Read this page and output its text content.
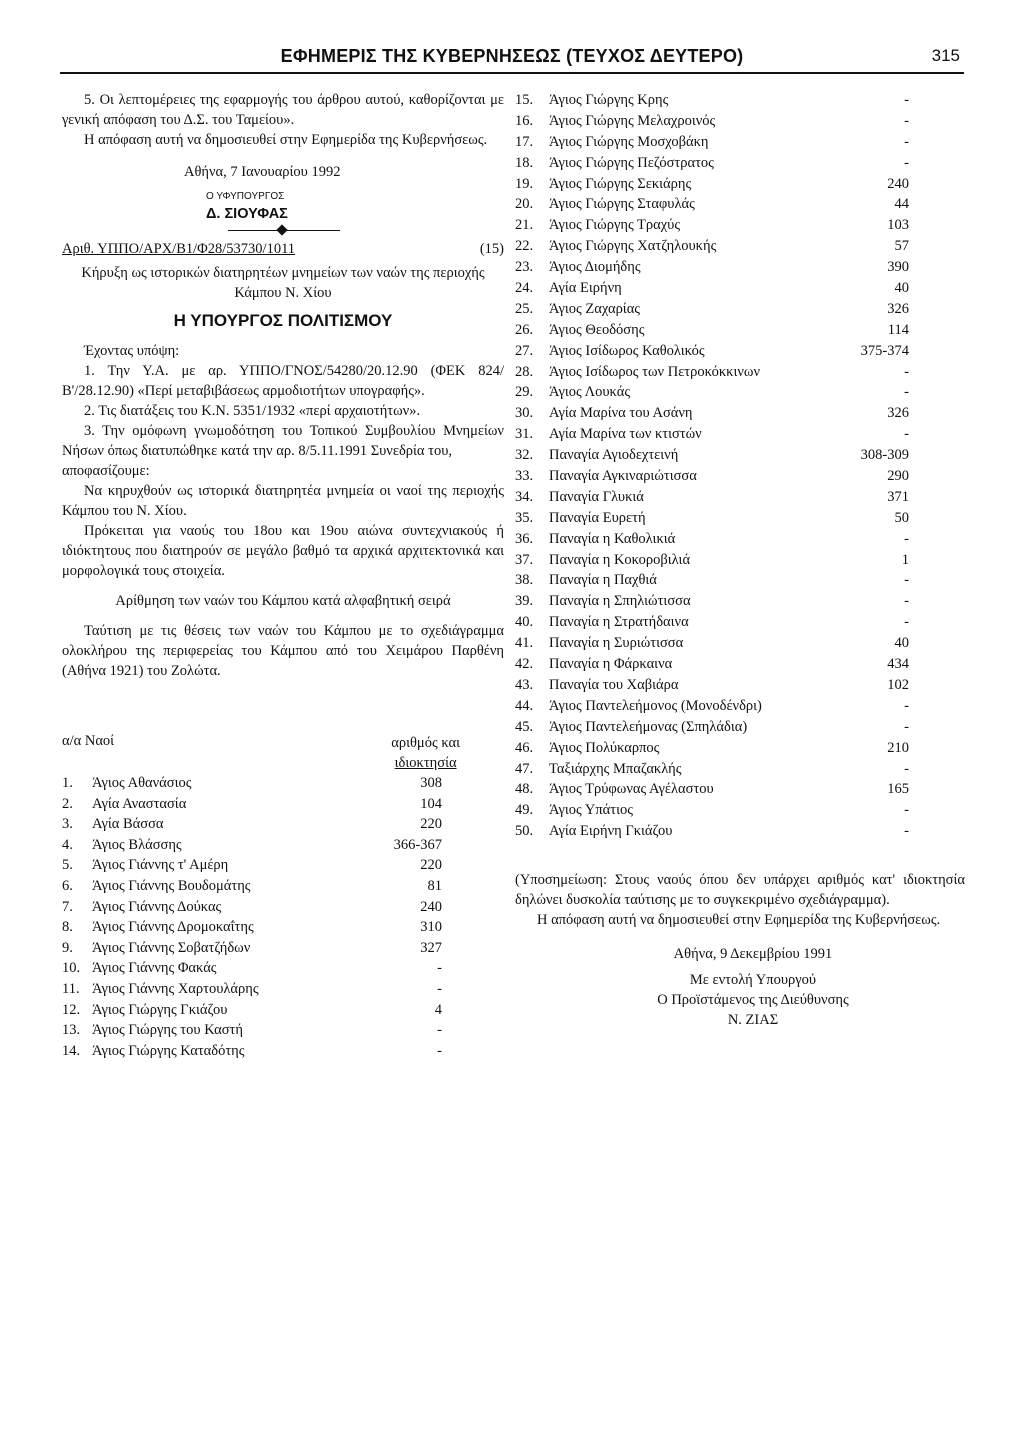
ΕΦΗΜΕΡΙΣ ΤΗΣ ΚΥΒΕΡΝΗΣΕΩΣ (ΤΕΥΧΟΣ ΔΕΥΤΕΡΟ)	315

5. Οι λεπτομέρειες της εφαρμογής του άρθρου αυτού, καθορίζονται με γενική απόφαση του Δ.Σ. του Ταμείου».

Η απόφαση αυτή να δημοσιευθεί στην Εφημερίδα της Κυβερνήσεως.

Αθήνα, 7 Ιανουαρίου 1992

Ο ΥΦΥΠΟΥΡΓΟΣ

Δ. ΣΙΟΥΦΑΣ

Αριθ. ΥΠΠΟ/ΑΡΧ/Β1/Φ28/53730/1011	(15)

Κήρυξη ως ιστορικών διατηρητέων μνημείων των ναών της περιοχής Κάμπου Ν. Χίου

Η ΥΠΟΥΡΓΟΣ ΠΟΛΙΤΙΣΜΟΥ

Έχοντας υπόψη:

1. Την Υ.Α. με αρ. ΥΠΠΟ/ΓΝΟΣ/54280/20.12.90 (ΦΕΚ 824/Β'/28.12.90) «Περί μεταβιβάσεως αρμοδιοτήτων υπογραφής».

2. Τις διατάξεις του Κ.Ν. 5351/1932 «περί αρχαιοτήτων».

3. Την ομόφωνη γνωμοδότηση του Τοπικού Συμβουλίου Μνημείων Νήσων όπως διατυπώθηκε κατά την αρ. 8/5.11.1991 Συνεδρία του,

αποφασίζουμε:

Να κηρυχθούν ως ιστορικά διατηρητέα μνημεία οι ναοί της περιοχής Κάμπου του Ν. Χίου.

Πρόκειται για ναούς του 18ου και 19ου αιώνα συντεχνιακούς ή ιδιόκτητους που διατηρούν σε μεγάλο βαθμό τα αρχικά αρχιτεκτονικά και μορφολογικά τους στοιχεία.

Αρίθμηση των ναών του Κάμπου κατά αλφαβητική σειρά

Ταύτιση με τις θέσεις των ναών του Κάμπου με το σχεδιάγραμμα ολοκλήρου της περιφερείας του Κάμπου από του Χειμάρου Παρθένη (Αθήνα 1921) του Ζολώτα.

α/α Ναοί	αριθμός και
ιδιοκτησία
1. Άγιος Αθανάσιος	308
2. Αγία Αναστασία	104
3. Αγία Βάσσα	220
4. Άγιος Βλάσσης	366-367
5. Άγιος Γιάννης τ' Αμέρη	220
6. Άγιος Γιάννης Βουδομάτης	81
7. Άγιος Γιάννης Δούκας	240
8. Άγιος Γιάννης Δρομοκαΐτης	310
9. Άγιος Γιάννης Σοβατζήδων	327
10. Άγιος Γιάννης Φακάς	-
11. Άγιος Γιάννης Χαρτουλάρης	-
12. Άγιος Γιώργης Γκιάζου	4
13. Άγιος Γιώργης του Καστή	-
14. Άγιος Γιώργης Καταδότης	-
15. Άγιος Γιώργης Κρης	-
16. Άγιος Γιώργης Μελαχροινός	-
17. Άγιος Γιώργης Μοσχοβάκη	-
18. Άγιος Γιώργης Πεζόστρατος	-
19. Άγιος Γιώργης Σεκιάρης	240
20. Άγιος Γιώργης Σταφυλάς	44
21. Άγιος Γιώργης Τραχύς	103
22. Άγιος Γιώργης Χατζηλουκής	57
23. Άγιος Διομήδης	390
24. Αγία Ειρήνη	40
25. Άγιος Ζαχαρίας	326
26. Άγιος Θεοδόσης	114
27. Άγιος Ισίδωρος Καθολικός	375-374
28. Άγιος Ισίδωρος των Πετροκόκκινων	-
29. Άγιος Λουκάς	-
30. Αγία Μαρίνα του Ασάνη	326
31. Αγία Μαρίνα των κτιστών	-
32. Παναγία Αγιοδεχτεινή	308-309
33. Παναγία Αγκιναριώτισσα	290
34. Παναγία Γλυκιά	371
35. Παναγία Ευρετή	50
36. Παναγία η Καθολικιά	-
37. Παναγία η Κοκοροβιλιά	1
38. Παναγία η Παχθιά	-
39. Παναγία η Σπηλιώτισσα	-
40. Παναγία η Στρατήδαινα	-
41. Παναγία η Συριώτισσα	40
42. Παναγία η Φάρκαινα	434
43. Παναγία του Χαβιάρα	102
44. Άγιος Παντελεήμονος (Μονοδένδρι)	-
45. Άγιος Παντελεήμονας (Σπηλάδια)	-
46. Άγιος Πολύκαρπος	210
47. Ταξιάρχης Μπαζακλής	-
48. Άγιος Τρύφωνας Αγέλαστου	165
49. Άγιος Υπάτιος	-
50. Αγία Ειρήνη Γκιάζου	-

(Υποσημείωση: Στους ναούς όπου δεν υπάρχει αριθμός κατ' ιδιοκτησία δηλώνει δυσκολία ταύτισης με το συγκεκριμένο σχεδιάγραμμα).

Η απόφαση αυτή να δημοσιευθεί στην Εφημερίδα της Κυβερνήσεως.

Αθήνα, 9 Δεκεμβρίου 1991

Με εντολή Υπουργού

Ο Προϊστάμενος της Διεύθυνσης

Ν. ΖΙΑΣ
